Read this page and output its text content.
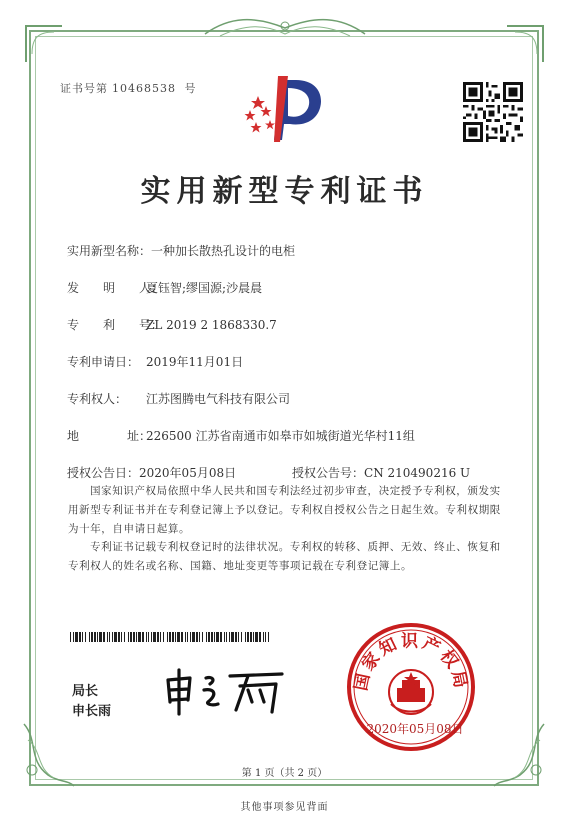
证书号第 10468538 号
实用新型专利证书
实用新型名称：一种加长散热孔设计的电柜
发　　明　　人：夏钰智;缪国源;沙晨晨
专　　利　　号：ZL 2019 2 1868330.7
专利申请日： 2019年11月01日
专利权人： 江苏图腾电气科技有限公司
地　　　　址：226500 江苏省南通市如皋市如城街道光华村11组
授权公告日：2020年05月08日	授权公告号：CN 210490216 U
国家知识产权局依照中华人民共和国专利法经过初步审查，决定授予专利权，颁发实用新型专利证书并在专利登记簿上予以登记。专利权自授权公告之日起生效。专利权期限为十年，自申请日起算。
专利证书记载专利权登记时的法律状况。专利权的转移、质押、无效、终止、恢复和专利权人的姓名或名称、国籍、地址变更等事项记载在专利登记簿上。
局长
申长雨
国家知识产权局
2020年05月08日
第 1 页（共 2 页）
其他事项参见背面
